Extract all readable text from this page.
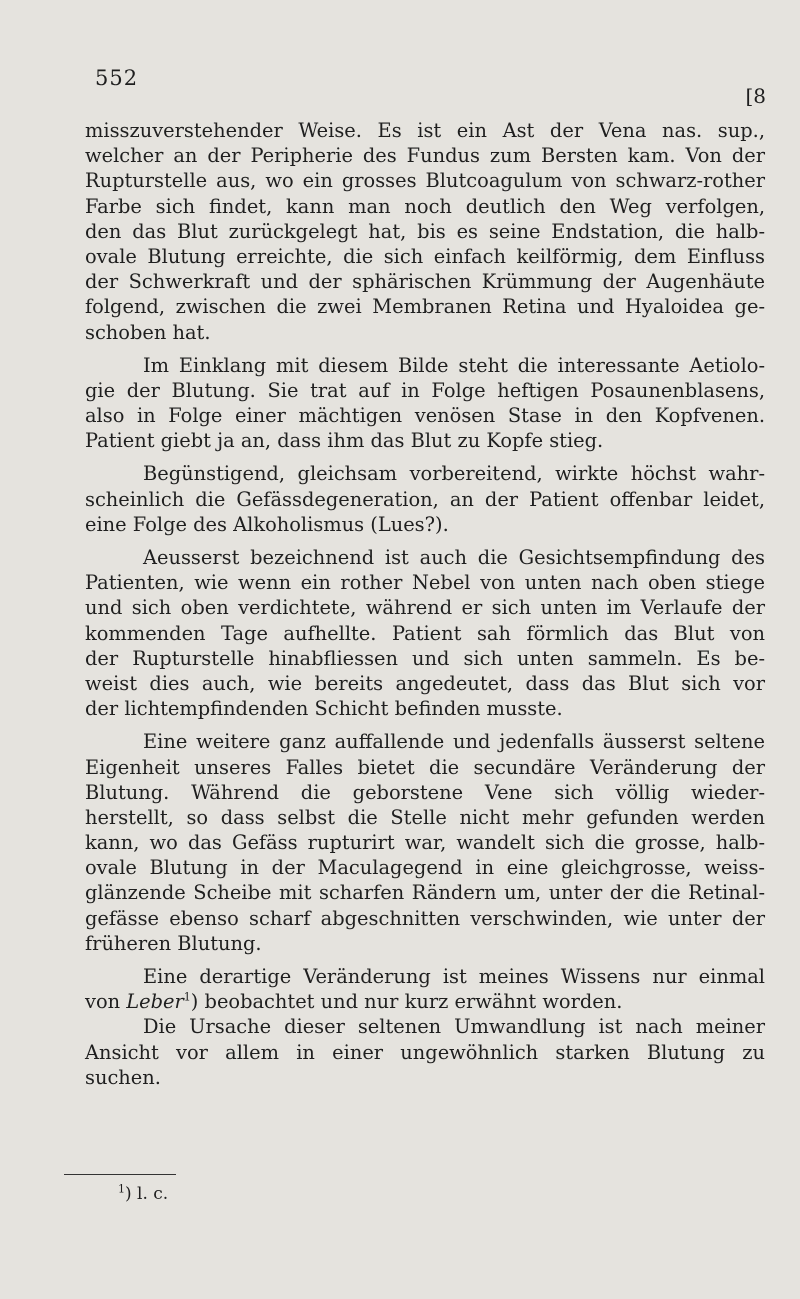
552
[8
misszuverstehender Weise. Es ist ein Ast der Vena nas. sup.,
welcher an der Peripherie des Fundus zum Bersten kam. Von der
Rupturstelle aus, wo ein grosses Blutcoagulum von schwarz-rother
Farbe sich findet, kann man noch deutlich den Weg verfolgen,
den das Blut zurückgelegt hat, bis es seine Endstation, die halb-
ovale Blutung erreichte, die sich einfach keilförmig, dem Einfluss
der Schwerkraft und der sphärischen Krümmung der Augenhäute
folgend, zwischen die zwei Membranen Retina und Hyaloidea ge-
schoben hat.
Im Einklang mit diesem Bilde steht die interessante Aetiolo-
gie der Blutung. Sie trat auf in Folge heftigen Posaunenblasens,
also in Folge einer mächtigen venösen Stase in den Kopfvenen.
Patient giebt ja an, dass ihm das Blut zu Kopfe stieg.
Begünstigend, gleichsam vorbereitend, wirkte höchst wahr-
scheinlich die Gefässdegeneration, an der Patient offenbar leidet,
eine Folge des Alkoholismus (Lues?).
Aeusserst bezeichnend ist auch die Gesichtsempfindung des
Patienten, wie wenn ein rother Nebel von unten nach oben stiege
und sich oben verdichtete, während er sich unten im Verlaufe der
kommenden Tage aufhellte. Patient sah förmlich das Blut von
der Rupturstelle hinabfliessen und sich unten sammeln. Es be-
weist dies auch, wie bereits angedeutet, dass das Blut sich vor
der lichtempfindenden Schicht befinden musste.
Eine weitere ganz auffallende und jedenfalls äusserst seltene
Eigenheit unseres Falles bietet die secundäre Veränderung der
Blutung. Während die geborstene Vene sich völlig wieder-
herstellt, so dass selbst die Stelle nicht mehr gefunden werden
kann, wo das Gefäss rupturirt war, wandelt sich die grosse, halb-
ovale Blutung in der Maculagegend in eine gleichgrosse, weiss-
glänzende Scheibe mit scharfen Rändern um, unter der die Retinal-
gefässe ebenso scharf abgeschnitten verschwinden, wie unter der
früheren Blutung.
Eine derartige Veränderung ist meines Wissens nur einmal
von Leber$^1$) beobachtet und nur kurz erwähnt worden.
Die Ursache dieser seltenen Umwandlung ist nach meiner
Ansicht vor allem in einer ungewöhnlich starken Blutung zu
suchen.
$^1$) l. c.
